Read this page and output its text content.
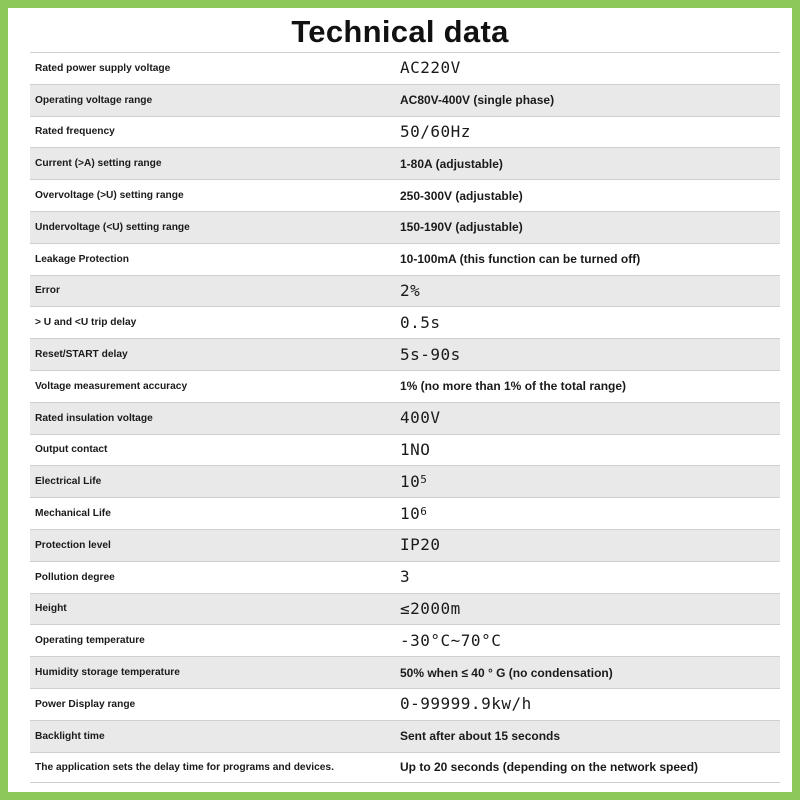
Technical data
Rated power supply voltage	AC220V
Operating voltage range	AC80V-400V (single phase)
Rated frequency	50/60Hz
Current (>A) setting range	1-80A (adjustable)
Overvoltage (>U) setting range	250-300V (adjustable)
Undervoltage (<U) setting range	150-190V (adjustable)
Leakage Protection	10-100mA (this function can be turned off)
Error	2%
> U and <U trip delay	0.5s
Reset/START delay	5s-90s
Voltage measurement accuracy	1% (no more than 1% of the total range)
Rated insulation voltage	400V
Output contact	1NO
Electrical Life	$10^5$
Mechanical Life	$10^6$
Protection level	IP20
Pollution degree	3
Height	≤2000m
Operating temperature	-30°C~70°C
Humidity storage temperature	50% when ≤ 40 ° G (no condensation)
Power Display range	0-99999.9kw/h
Backlight time	Sent after about 15 seconds
The application sets the delay time for programs and devices.	Up to 20 seconds (depending on the network speed)
